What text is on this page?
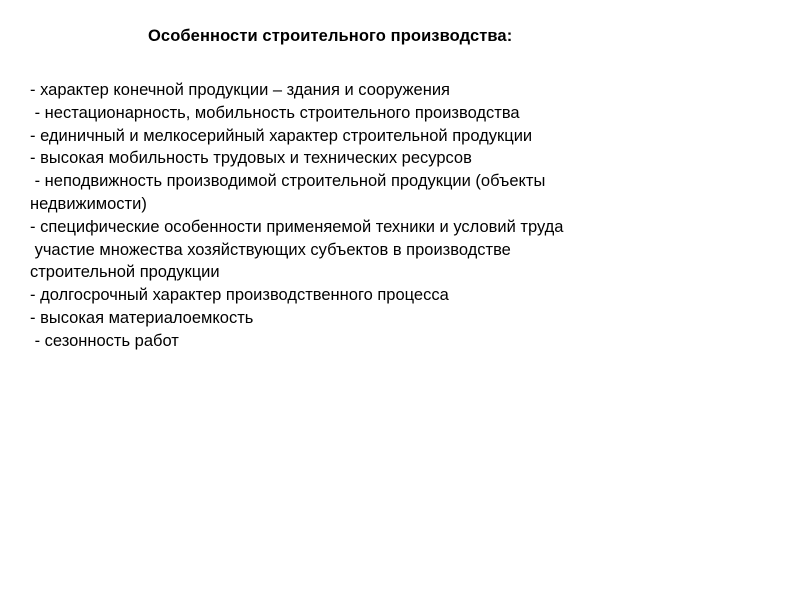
Особенности строительного производства:
- характер конечной продукции – здания и сооружения
- нестационарность, мобильность строительного производства
- единичный и мелкосерийный характер строительной продукции
- высокая мобильность трудовых и технических ресурсов
- неподвижность производимой строительной продукции (объекты
недвижимости)
- специфические особенности применяемой техники и условий труда
участие множества хозяйствующих субъектов в производстве
строительной продукции
- долгосрочный характер производственного процесса
- высокая материалоемкость
- сезонность работ
